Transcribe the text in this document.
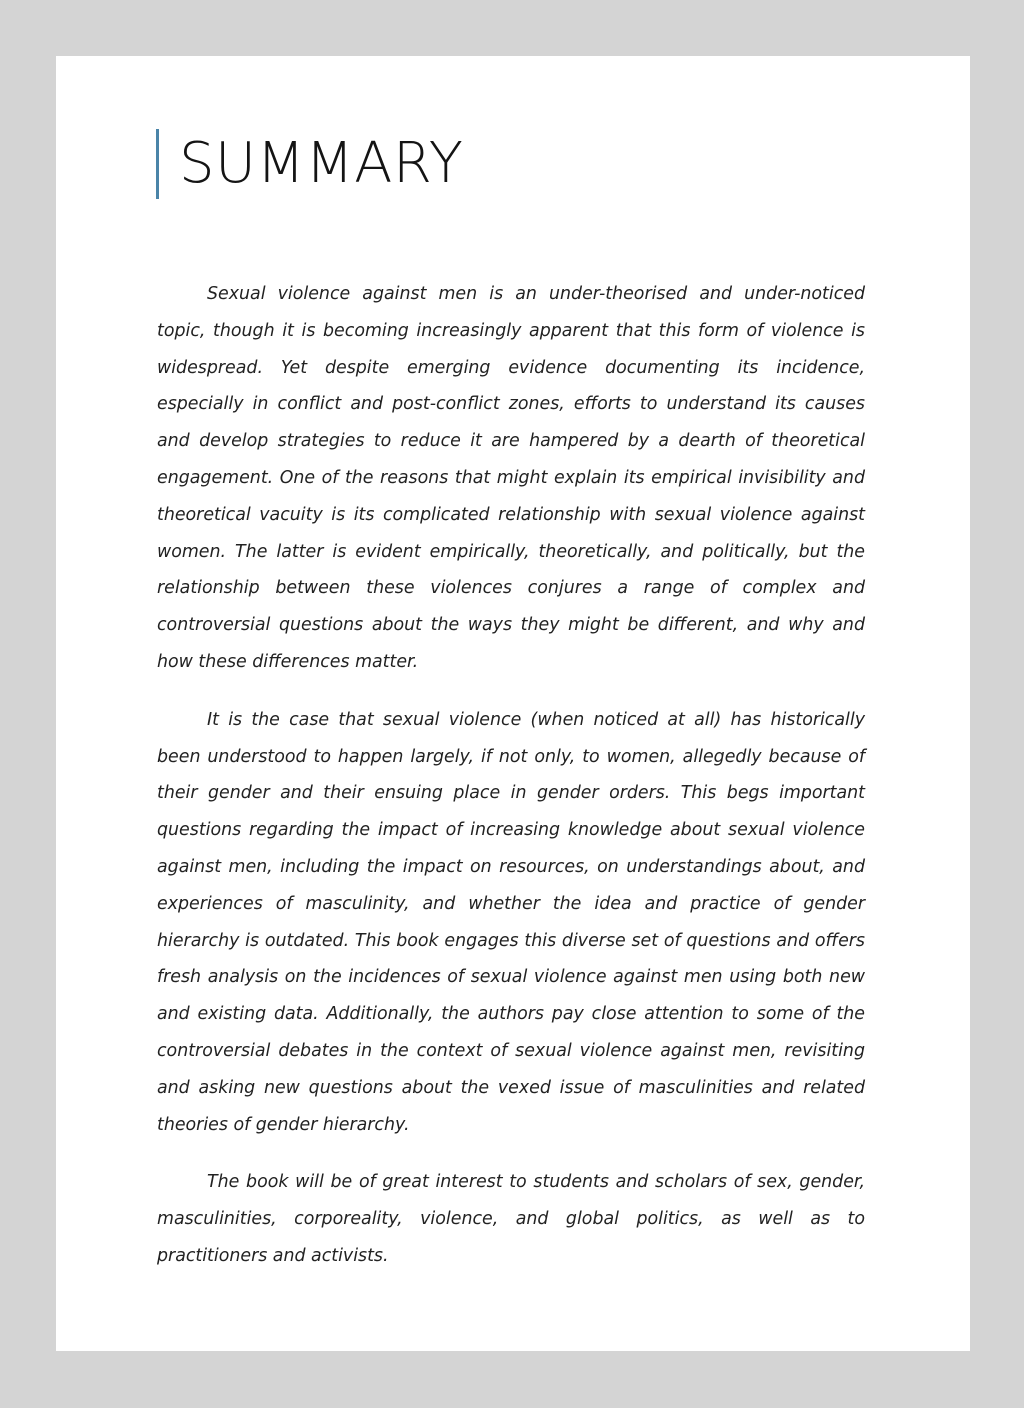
SUMMARY

Sexual violence against men is an under-theorised and under-noticed topic, though it is becoming increasingly apparent that this form of violence is widespread. Yet despite emerging evidence documenting its incidence, especially in conflict and post-conflict zones, efforts to understand its causes and develop strategies to reduce it are hampered by a dearth of theoretical engagement. One of the reasons that might explain its empirical invisibility and theoretical vacuity is its complicated relationship with sexual violence against women. The latter is evident empirically, theoretically, and politically, but the relationship between these violences conjures a range of complex and controversial questions about the ways they might be different, and why and how these differences matter.

It is the case that sexual violence (when noticed at all) has historically been understood to happen largely, if not only, to women, allegedly because of their gender and their ensuing place in gender orders. This begs important questions regarding the impact of increasing knowledge about sexual violence against men, including the impact on resources, on understandings about, and experiences of masculinity, and whether the idea and practice of gender hierarchy is outdated. This book engages this diverse set of questions and offers fresh analysis on the incidences of sexual violence against men using both new and existing data. Additionally, the authors pay close attention to some of the controversial debates in the context of sexual violence against men, revisiting and asking new questions about the vexed issue of masculinities and related theories of gender hierarchy.

The book will be of great interest to students and scholars of sex, gender, masculinities, corporeality, violence, and global politics, as well as to practitioners and activists.
